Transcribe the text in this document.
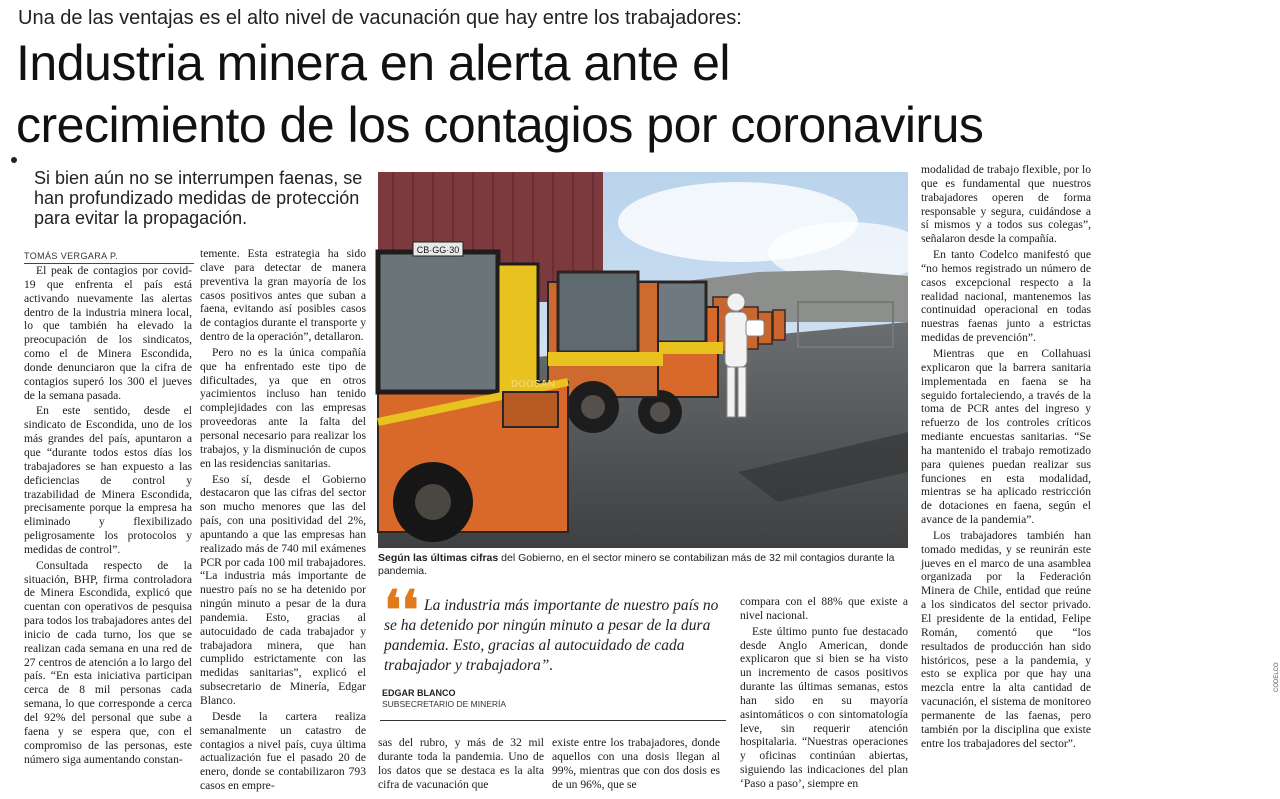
Una de las ventajas es el alto nivel de vacunación que hay entre los trabajadores:
Industria minera en alerta ante el
crecimiento de los contagios por coronavirus
Si bien aún no se interrumpen faenas, se han profundizado medidas de protección para evitar la propagación.
TOMÁS VERGARA P.

El peak de contagios por covid-19 que enfrenta el país está activando nuevamente las alertas dentro de la industria minera local, lo que también ha elevado la preocupación de los sindicatos, como el de Minera Escondida, donde denunciaron que la cifra de contagios superó los 300 el jueves de la semana pasada.

En este sentido, desde el sindicato de Escondida, uno de los más grandes del país, apuntaron a que “durante todos estos días los trabajadores se han expuesto a las deficiencias de control y trazabilidad de Minera Escondida, precisamente porque la empresa ha eliminado y flexibilizado peligrosamente los protocolos y medidas de control”.

Consultada respecto de la situación, BHP, firma controladora de Minera Escondida, explicó que cuentan con operativos de pesquisa para todos los trabajadores antes del inicio de cada turno, los que se realizan cada semana en una red de 27 centros de atención a lo largo del país. “En esta iniciativa participan cerca de 8 mil personas cada semana, lo que corresponde a cerca del 92% del personal que sube a faena y se espera que, con el compromiso de las personas, este número siga aumentando constan-

temente. Esta estrategia ha sido clave para detectar de manera preventiva la gran mayoría de los casos positivos antes que suban a faena, evitando así posibles casos de contagios durante el transporte y dentro de la operación”, detallaron.

Pero no es la única compañía que ha enfrentado este tipo de dificultades, ya que en otros yacimientos incluso han tenido complejidades con las empresas proveedoras ante la falta del personal necesario para realizar los trabajos, y la disminución de cupos en las residencias sanitarias.

Eso sí, desde el Gobierno destacaron que las cifras del sector son mucho menores que las del país, con una positividad del 2%, apuntando a que las empresas han realizado más de 740 mil exámenes PCR por cada 100 mil trabajadores. “La industria más importante de nuestro país no se ha detenido por ningún minuto a pesar de la dura pandemia. Esto, gracias al autocuidado de cada trabajador y trabajadora minera, que han cumplido estrictamente con las medidas sanitarias”, explicó el subsecretario de Minería, Edgar Blanco.

Desde la cartera realiza semanalmente un catastro de contagios a nivel país, cuya última actualización fue el pasado 20 de enero, donde se contabilizaron 793 casos en empre-

modalidad de trabajo flexible, por lo que es fundamental que nuestros trabajadores operen de forma responsable y segura, cuidándose a sí mismos y a todos sus colegas”, señalaron desde la compañía.

En tanto Codelco manifestó que “no hemos registrado un número de casos excepcional respecto a la realidad nacional, mantenemos las continuidad operacional en todas nuestras faenas junto a estrictas medidas de prevención”.

Mientras que en Collahuasi explicaron que la barrera sanitaria implementada en faena se ha seguido fortaleciendo, a través de la toma de PCR antes del ingreso y refuerzo de los controles críticos mediante encuestas sanitarias. “Se ha mantenido el trabajo remotizado para quienes puedan realizar sus funciones en esta modalidad, mientras se ha aplicado restricción de dotaciones en faena, según el avance de la pandemia”.

Los trabajadores también han tomado medidas, y se reunirán este jueves en el marco de una asamblea organizada por la Federación Minera de Chile, entidad que reúne a los sindicatos del sector privado. El presidente de la entidad, Felipe Román, comentó que “los resultados de producción han sido históricos, pese a la pandemia, y esto se explica por que hay una mezcla entre la alta cantidad de vacunación, el sistema de monitoreo permanente de las faenas, pero también por la disciplina que existe entre los trabajadores del sector”.

sas del rubro, y más de 32 mil durante toda la pandemia. Uno de los datos que se destaca es la alta cifra de vacunación que

existe entre los trabajadores, donde aquellos con una dosis llegan al 99%, mientras que con dos dosis es de un 96%, que se

compara con el 88% que existe a nivel nacional.

Este último punto fue destacado desde Anglo American, donde explicaron que si bien se ha visto un incremento de casos positivos durante las últimas semanas, estos han sido en su mayoría asintomáticos o con sintomatología leve, sin requerir atención hospitalaria. “Nuestras operaciones y oficinas continúan abiertas, siguiendo las indicaciones del plan ‘Paso a paso’, siempre en

CB·GG·30
DOOSAN
CODELCO
Según las últimas cifras del Gobierno, en el sector minero se contabilizan más de 32 mil contagios durante la pandemia.
❛❛ La industria más importante de nuestro país no se ha detenido por ningún minuto a pesar de la dura pandemia. Esto, gracias al autocuidado de cada trabajador y trabajadora”.
EDGAR BLANCO
SUBSECRETARIO DE MINERÍA
